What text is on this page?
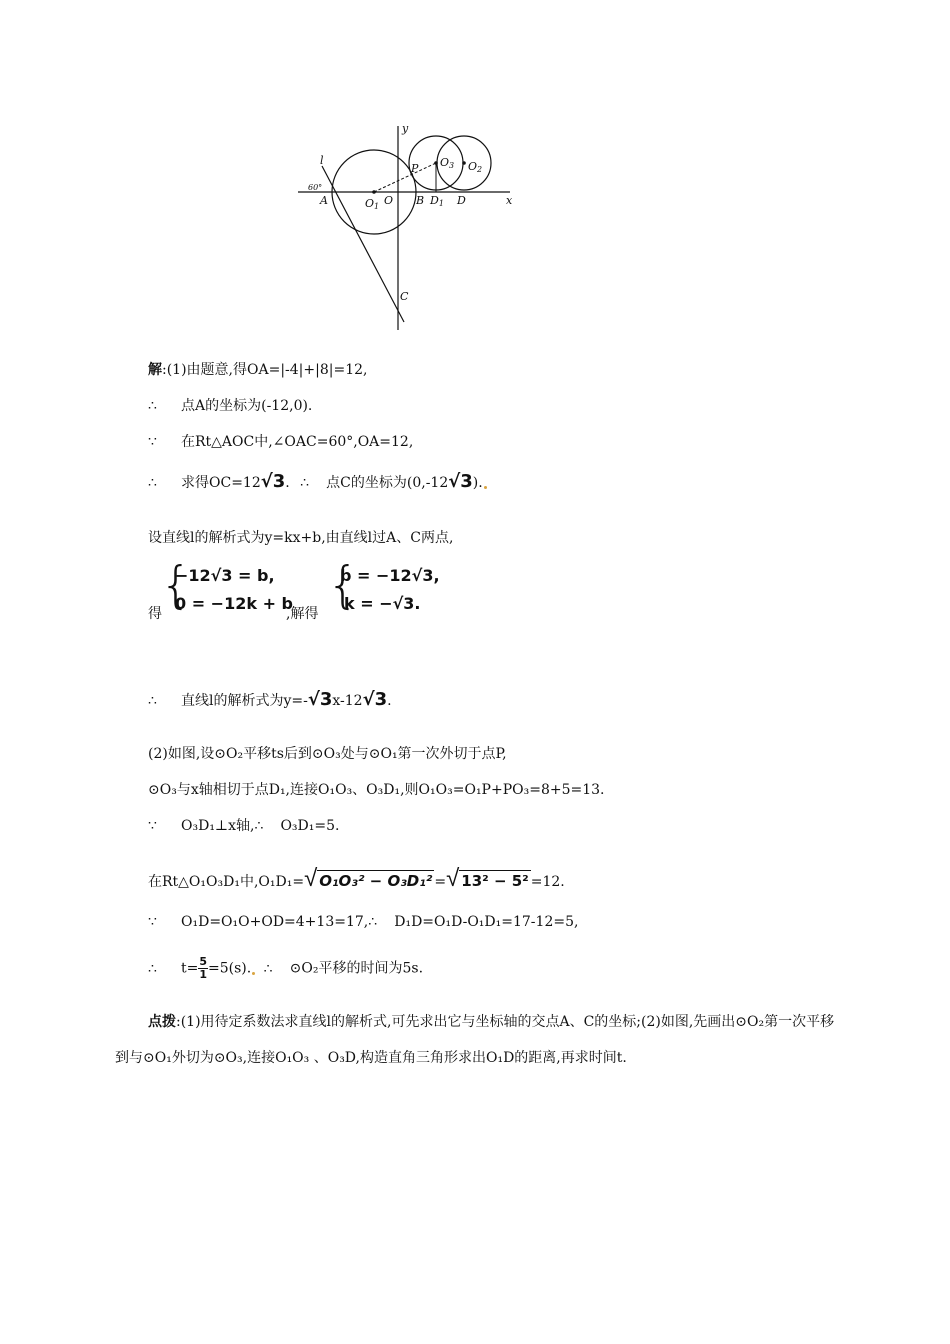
y
x
l
60°
A	O1 O B D1 D
P O3 O2
C
解:(1)由题意,得OA=|-4|+|8|=12,
∴ 点A的坐标为(-12,0).
∵ 在Rt△AOC中,∠OAC=60°,OA=12,
∴ 求得OC=12√3. ∴ 点C的坐标为(0,-12√3).
设直线l的解析式为y=kx+b,由直线l过A、C两点,
得
{
−12√3 = b,
0 = −12k + b
,解得 {
b = −12√3,
k = −√3.
∴ 直线l的解析式为y=-√3x-12√3.
(2)如图,设⊙O₂平移ts后到⊙O₃处与⊙O₁第一次外切于点P,
⊙O₃与x轴相切于点D₁,连接O₁O₃、O₃D₁,则O₁O₃=O₁P+PO₃=8+5=13.
∵ O₃D₁⊥x轴,∴ O₃D₁=5.
在Rt△O₁O₃D₁中,O₁D₁=√ O₁O₃² − O₃D₁² =√ 13² − 5² =12.
∵ O₁D=O₁O+OD=4+13=17,∴ D₁D=O₁D-O₁D₁=17-12=5,
∴ $t= \frac{5}{1} =5(s)$. ∴ ⊙O₂平移的时间为5s.
点拨:(1)用待定系数法求直线l的解析式,可先求出它与坐标轴的交点A、C的坐标;(2)如图,先画出⊙O₂第一次平移到与⊙O₁外切为⊙O₃,连接O₁O₃ 、O₃D,构造直角三角形求出O₁D的距离,再求时间t.
